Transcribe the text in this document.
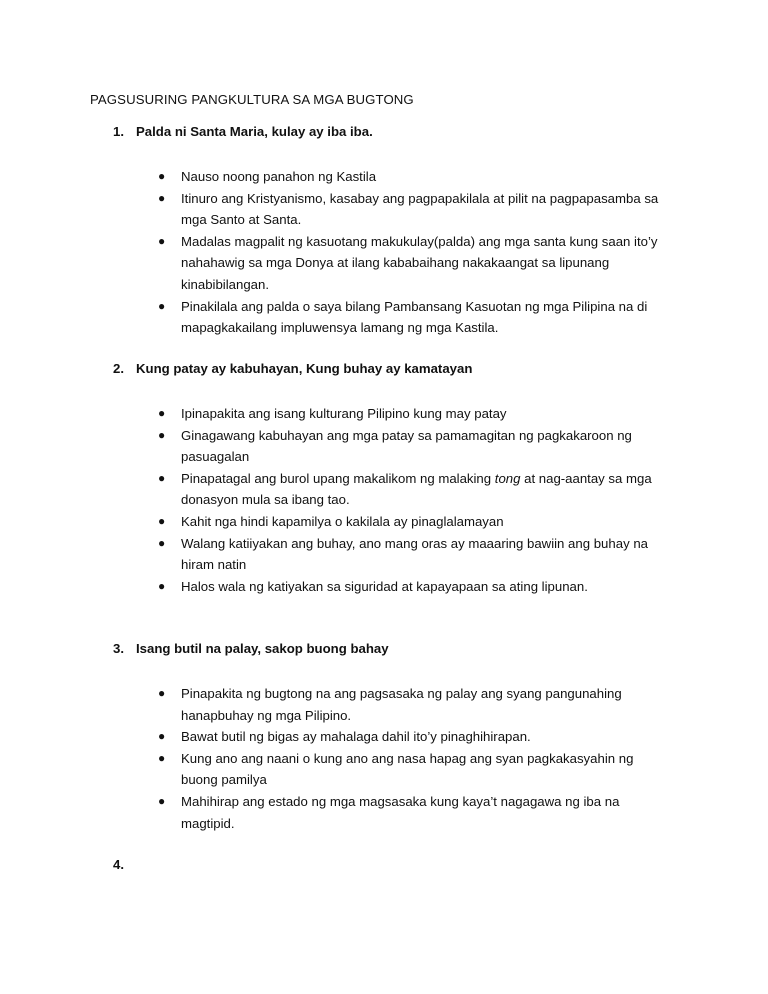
PAGSUSURING PANGKULTURA SA MGA BUGTONG
1. Palda ni Santa Maria, kulay ay iba iba.
● Nauso noong panahon ng Kastila
● Itinuro ang Kristyanismo, kasabay ang pagpapakilala at pilit na pagpapasamba sa mga Santo at Santa.
● Madalas magpalit ng kasuotang makukulay(palda) ang mga santa kung saan ito’y nahahawig sa mga Donya at ilang kababaihang nakakaangat sa lipunang kinabibilangan.
● Pinakilala ang palda o saya bilang Pambansang Kasuotan ng mga Pilipina na di mapagkakailang impluwensya lamang ng mga Kastila.
2. Kung patay ay kabuhayan, Kung buhay ay kamatayan
● Ipinapakita ang isang kulturang Pilipino kung may patay
● Ginagawang kabuhayan ang mga patay sa pamamagitan ng pagkakaroon ng pasuagalan
● Pinapatagal ang burol upang makalikom ng malaking tong at nag-aantay sa mga donasyon mula sa ibang tao.
● Kahit nga hindi kapamilya o kakilala ay pinaglalamayan
● Walang katiiyakan ang buhay, ano mang oras ay maaaring bawiin ang buhay na hiram natin
● Halos wala ng katiyakan sa siguridad at kapayapaan sa ating lipunan.
3. Isang butil na palay, sakop buong bahay
● Pinapakita ng bugtong na ang pagsasaka ng palay ang syang pangunahing hanapbuhay ng mga Pilipino.
● Bawat butil ng bigas ay mahalaga dahil ito’y pinaghihirapan.
● Kung ano ang naani o kung ano ang nasa hapag ang syan pagkakasyahin ng buong pamilya
● Mahihirap ang estado ng mga magsasaka kung kaya’t nagagawa ng iba na magtipid.
4.
